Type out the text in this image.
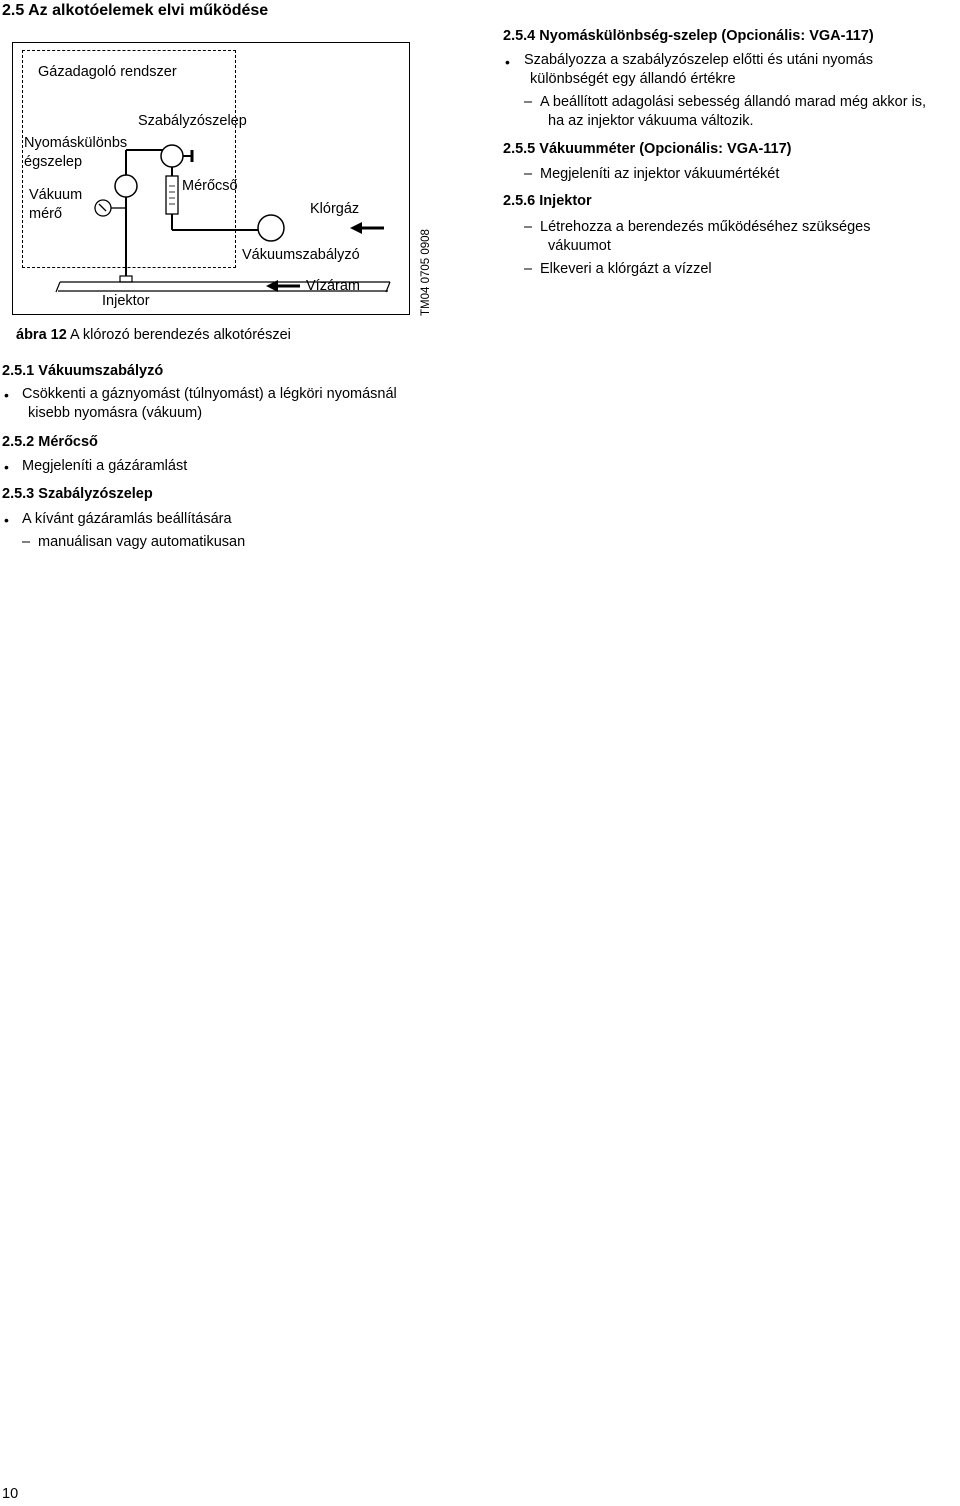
2.5 Az alkotóelemek elvi működése
Gázadagoló rendszer
Szabályzószelep
Nyomáskülönbs
égszelep
Vákuum
mérő
Mérőcső
Klórgáz
Vákuumszabályzó
Vízáram
Injektor	TM04 0705 0908
ábra 12 A klórozó berendezés alkotórészei
2.5.1 Vákuumszabályzó
• Csökkenti a gáznyomást (túlnyomást) a légköri nyomásnál
kisebb nyomásra (vákuum)
2.5.2 Mérőcső
• Megjeleníti a gázáramlást
2.5.3 Szabályzószelep
• A kívánt gázáramlás beállítására
– manuálisan vagy automatikusan
2.5.4 Nyomáskülönbség-szelep (Opcionális: VGA-117)
• Szabályozza a szabályzószelep előtti és utáni nyomás
különbségét egy állandó értékre
– A beállított adagolási sebesség állandó marad még akkor is,
ha az injektor vákuuma változik.
2.5.5 Vákuumméter (Opcionális: VGA-117)
– Megjeleníti az injektor vákuumértékét
2.5.6 Injektor
– Létrehozza a berendezés működéséhez szükséges
vákuumot
– Elkeveri a klórgázt a vízzel
10
